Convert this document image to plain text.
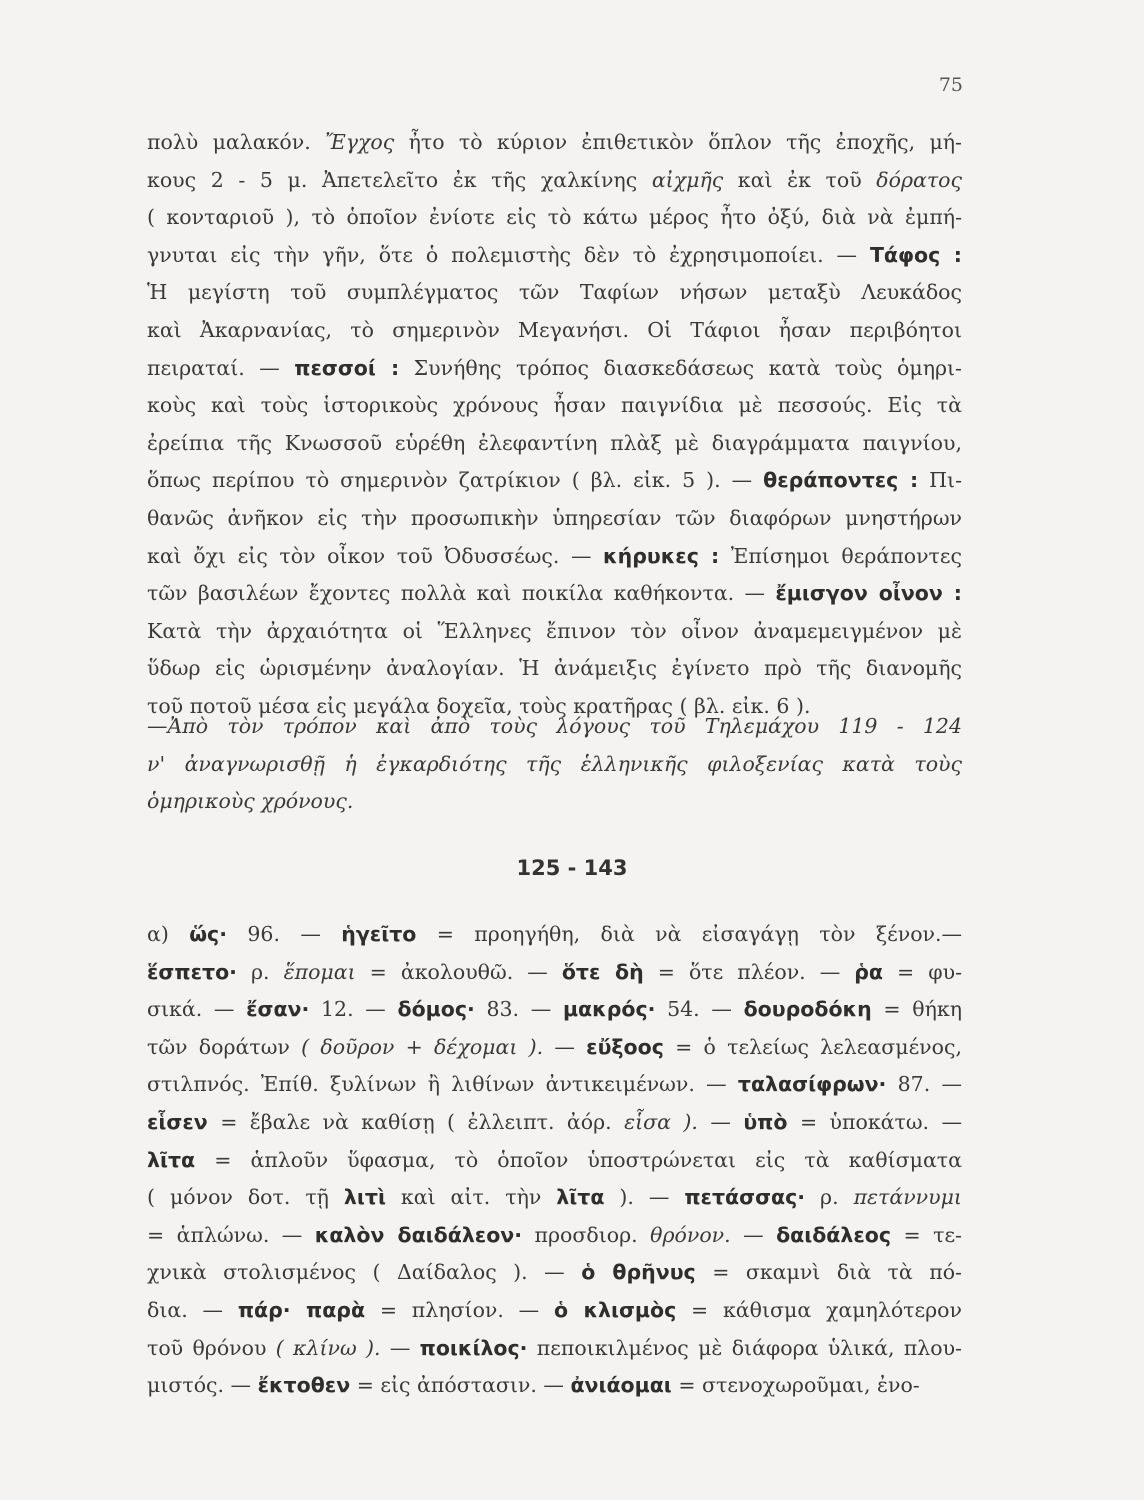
75
πολὺ μαλακόν. Ἔγχος ἦτο τὸ κύριον ἐπιθετικὸν ὅπλον τῆς ἐποχῆς, μή-
κους 2 - 5 μ. Ἀπετελεῖτο ἐκ τῆς χαλκίνης αἰχμῆς καὶ ἐκ τοῦ δόρατος
( κονταριοῦ ), τὸ ὁποῖον ἐνίοτε εἰς τὸ κάτω μέρος ἦτο ὀξύ, διὰ νὰ ἐμπή-
γνυται εἰς τὴν γῆν, ὅτε ὁ πολεμιστὴς δὲν τὸ ἐχρησιμοποίει. — Τάφος :
Ἡ μεγίστη τοῦ συμπλέγματος τῶν Ταφίων νήσων μεταξὺ Λευκάδος
καὶ Ἀκαρνανίας, τὸ σημερινὸν Μεγανήσι. Οἱ Τάφιοι ἦσαν περιβόητοι
πειραταί. — πεσσοί : Συνήθης τρόπος διασκεδάσεως κατὰ τοὺς ὁμηρι-
κοὺς καὶ τοὺς ἱστορικοὺς χρόνους ἦσαν παιγνίδια μὲ πεσσούς. Εἰς τὰ
ἐρείπια τῆς Κνωσσοῦ εὑρέθη ἐλεφαντίνη πλὰξ μὲ διαγράμματα παιγνίου,
ὅπως περίπου τὸ σημερινὸν ζατρίκιον ( βλ. εἰκ. 5 ). — θεράποντες : Πι-
θανῶς ἀνῆκον εἰς τὴν προσωπικὴν ὑπηρεσίαν τῶν διαφόρων μνηστήρων
καὶ ὄχι εἰς τὸν οἶκον τοῦ Ὀδυσσέως. — κήρυκες : Ἐπίσημοι θεράποντες
τῶν βασιλέων ἔχοντες πολλὰ καὶ ποικίλα καθήκοντα. — ἔμισγον οἶνον :
Κατὰ τὴν ἀρχαιότητα οἱ Ἕλληνες ἔπινον τὸν οἶνον ἀναμεμειγμένον μὲ
ὕδωρ εἰς ὡρισμένην ἀναλογίαν. Ἡ ἀνάμειξις ἐγίνετο πρὸ τῆς διανομῆς
τοῦ ποτοῦ μέσα εἰς μεγάλα δοχεῖα, τοὺς κρατῆρας ( βλ. εἰκ. 6 ).
—Ἀπὸ τὸν τρόπον καὶ ἀπὸ τοὺς λόγους τοῦ Τηλεμάχου 119 - 124
ν' ἀναγνωρισθῇ ἡ ἐγκαρδιότης τῆς ἑλληνικῆς φιλοξενίας κατὰ τοὺς
ὁμηρικοὺς χρόνους.
125 - 143
α) ὥς· 96. — ἡγεῖτο = προηγήθη, διὰ νὰ εἰσαγάγῃ τὸν ξένον.—
ἕσπετο· ρ. ἕπομαι = ἀκολουθῶ. — ὅτε δὴ = ὅτε πλέον. — ῥα = φυ-
σικά. — ἔσαν· 12. — δόμος· 83. — μακρός· 54. — δουροδόκη = θήκη
τῶν δοράτων ( δοῦρον + δέχομαι ). — εὔξοος = ὁ τελείως λελεασμένος,
στιλπνός. Ἐπίθ. ξυλίνων ἢ λιθίνων ἀντικειμένων. — ταλασίφρων· 87. —
εἷσεν = ἔβαλε νὰ καθίσῃ ( ἐλλειπτ. ἀόρ. εἷσα ). — ὑπὸ = ὑποκάτω. —
λῖτα = ἁπλοῦν ὕφασμα, τὸ ὁποῖον ὑποστρώνεται εἰς τὰ καθίσματα
( μόνον δοτ. τῇ λιτὶ καὶ αἰτ. τὴν λῖτα ). — πετάσσας· ρ. πετάννυμι
= ἁπλώνω. — καλὸν δαιδάλεον· προσδιορ. θρόνον. — δαιδάλεος = τε-
χνικὰ στολισμένος ( Δαίδαλος ). — ὁ θρῆνυς = σκαμνὶ διὰ τὰ πό-
δια. — πάρ· παρὰ = πλησίον. — ὁ κλισμὸς = κάθισμα χαμηλότερον
τοῦ θρόνου ( κλίνω ). — ποικίλος· πεποικιλμένος μὲ διάφορα ὑλικά, πλου-
μιστός. — ἔκτοθεν = εἰς ἀπόστασιν. — ἀνιάομαι = στενοχωροῦμαι, ἐνο-
